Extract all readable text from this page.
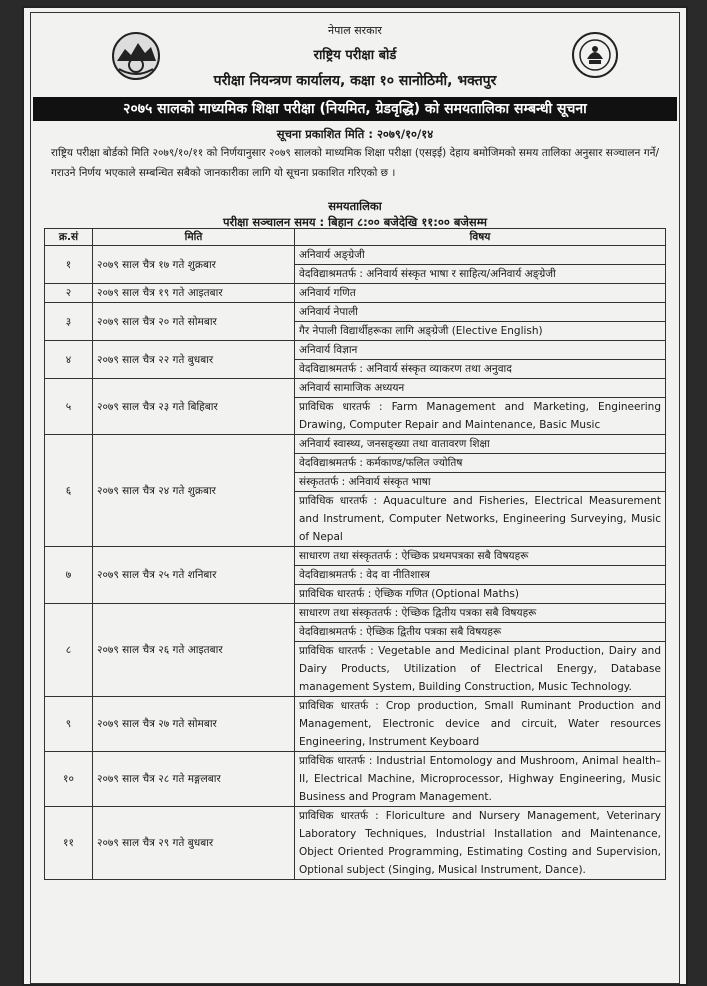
नेपाल सरकार
राष्ट्रिय परीक्षा बोर्ड
परीक्षा नियन्त्रण कार्यालय, कक्षा १० सानोठिमी, भक्तपुर
२०७५ सालको माध्यमिक शिक्षा परीक्षा (नियमित, ग्रेडवृद्धि) को समयतालिका सम्बन्धी सूचना
सूचना प्रकाशित मिति : २०७९/१०/१४
राष्ट्रिय परीक्षा बोर्डको मिति २०७९/१०/११ को निर्णयानुसार २०७९ सालको माध्यमिक शिक्षा परीक्षा (एसइई) देहाय बमोजिमको समय तालिका अनुसार सञ्चालन गर्ने/गराउने निर्णय भएकाले सम्बन्धित सबैको जानकारीका लागि यो सूचना प्रकाशित गरिएको छ ।
समयतालिका
परीक्षा सञ्चालन समय : बिहान ८:०० बजेदेखि ११:०० बजेसम्म
क्र.सं	मिति	विषय
१	२०७९ साल चैत्र १७ गते शुक्रबार	अनिवार्य अङ्ग्रेजी
		वेदविद्याश्रमतर्फ : अनिवार्य संस्कृत भाषा र साहित्य/अनिवार्य अङ्ग्रेजी
२	२०७९ साल चैत्र १९ गते आइतबार	अनिवार्य गणित
३	२०७९ साल चैत्र २० गते सोमबार	अनिवार्य नेपाली
		गैर नेपाली विद्यार्थीहरूका लागि अङ्ग्रेजी (Elective English)
४	२०७९ साल चैत्र २२ गते बुधबार	अनिवार्य विज्ञान
		वेदविद्याश्रमतर्फ : अनिवार्य संस्कृत व्याकरण तथा अनुवाद
५	२०७९ साल चैत्र २३ गते बिहिबार	अनिवार्य सामाजिक अध्ययन
		प्राविधिक धारतर्फ : Farm Management and Marketing, Engineering Drawing, Computer Repair and Maintenance, Basic Music
६	२०७९ साल चैत्र २४ गते शुक्रबार	अनिवार्य स्वास्थ्य, जनसङ्ख्या तथा वातावरण शिक्षा
		वेदविद्याश्रमतर्फ : कर्मकाण्ड/फलित ज्योतिष
		संस्कृततर्फ : अनिवार्य संस्कृत भाषा
		प्राविधिक धारतर्फ : Aquaculture and Fisheries, Electrical Measurement and Instrument, Computer Networks, Engineering Surveying, Music of Nepal
७	२०७९ साल चैत्र २५ गते शनिबार	साधारण तथा संस्कृततर्फ : ऐच्छिक प्रथमपत्रका सबै विषयहरू
		वेदविद्याश्रमतर्फ : वेद वा नीतिशास्त्र
		प्राविधिक धारतर्फ : ऐच्छिक गणित (Optional Maths)
८	२०७९ साल चैत्र २६ गते आइतबार	साधारण तथा संस्कृततर्फ : ऐच्छिक द्वितीय पत्रका सबै विषयहरू
		वेदविद्याश्रमतर्फ : ऐच्छिक द्वितीय पत्रका सबै विषयहरू
		प्राविधिक धारतर्फ : Vegetable and Medicinal plant Production, Dairy and Dairy Products, Utilization of Electrical Energy, Database management System, Building Construction, Music Technology.
९	२०७९ साल चैत्र २७ गते सोमबार	प्राविधिक धारतर्फ : Crop production, Small Ruminant Production and Management, Electronic device and circuit, Water resources Engineering, Instrument Keyboard
१०	२०७९ साल चैत्र २८ गते मङ्गलबार	प्राविधिक धारतर्फ : Industrial Entomology and Mushroom, Animal health–II, Electrical Machine, Microprocessor, Highway Engineering, Music Business and Program Management.
११	२०७९ साल चैत्र २९ गते बुधबार	प्राविधिक धारतर्फ : Floriculture and Nursery Management, Veterinary Laboratory Techniques, Industrial Installation and Maintenance, Object Oriented Programming, Estimating Costing and Supervision, Optional subject (Singing, Musical Instrument, Dance).
